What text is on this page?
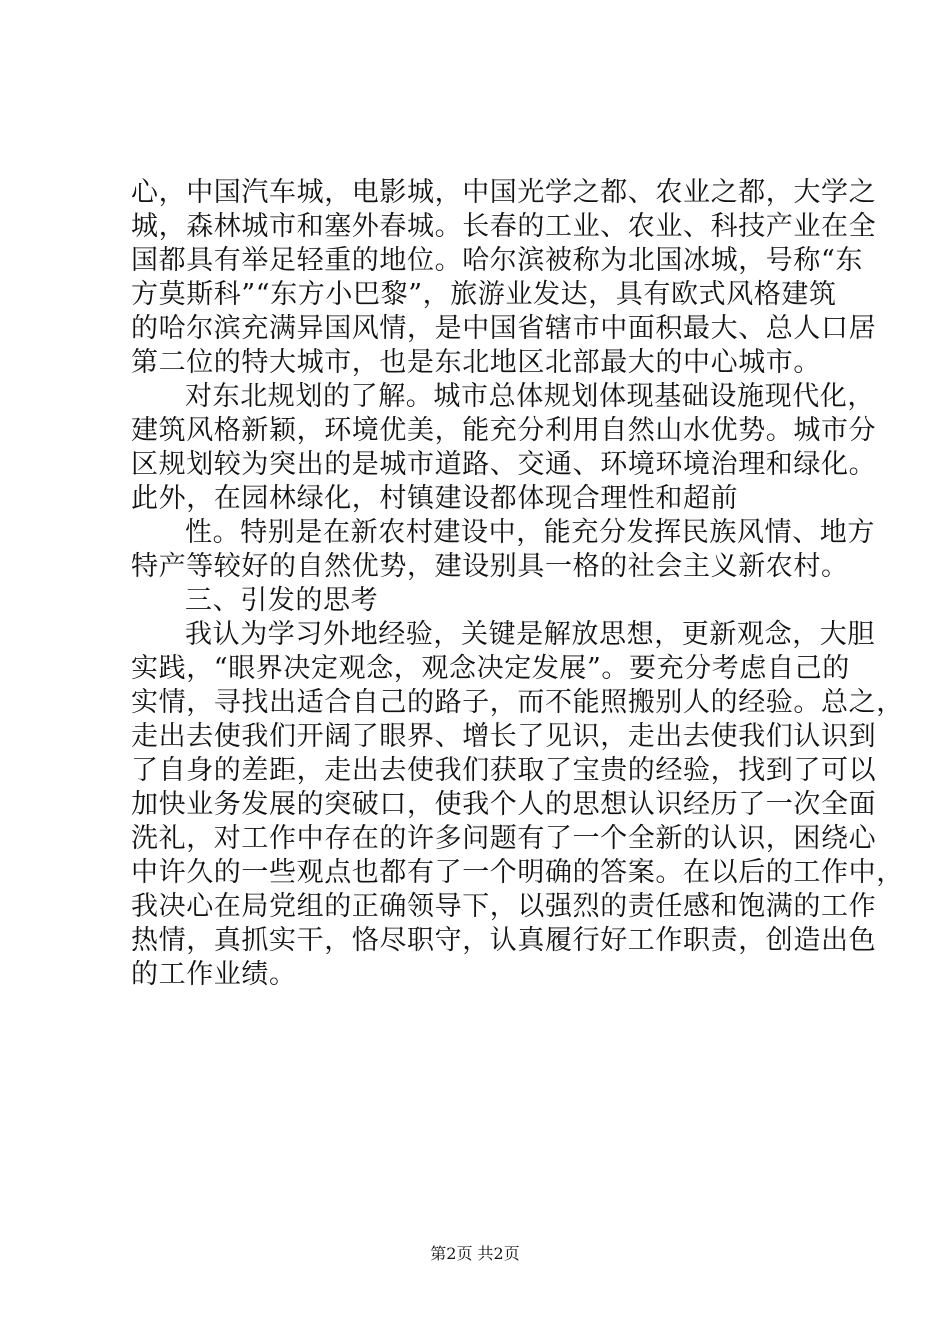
心，中国汽车城，电影城，中国光学之都、农业之都，大学之
城，森林城市和塞外春城。长春的工业、农业、科技产业在全
国都具有举足轻重的地位。哈尔滨被称为北国冰城，号称“东
方莫斯科”“东方小巴黎”，旅游业发达，具有欧式风格建筑
的哈尔滨充满异国风情，是中国省辖市中面积最大、总人口居
第二位的特大城市，也是东北地区北部最大的中心城市。
对东北规划的了解。城市总体规划体现基础设施现代化，
建筑风格新颖，环境优美，能充分利用自然山水优势。城市分
区规划较为突出的是城市道路、交通、环境环境治理和绿化。
此外，在园林绿化，村镇建设都体现合理性和超前
性。特别是在新农村建设中，能充分发挥民族风情、地方
特产等较好的自然优势，建设别具一格的社会主义新农村。
三、引发的思考
我认为学习外地经验，关键是解放思想，更新观念，大胆
实践，“眼界决定观念，观念决定发展”。要充分考虑自己的
实情，寻找出适合自己的路子，而不能照搬别人的经验。总之，
走出去使我们开阔了眼界、增长了见识，走出去使我们认识到
了自身的差距，走出去使我们获取了宝贵的经验，找到了可以
加快业务发展的突破口，使我个人的思想认识经历了一次全面
洗礼，对工作中存在的许多问题有了一个全新的认识，困绕心
中许久的一些观点也都有了一个明确的答案。在以后的工作中，
我决心在局党组的正确领导下，以强烈的责任感和饱满的工作
热情，真抓实干，恪尽职守，认真履行好工作职责，创造出色
的工作业绩。
第2页 共2页
